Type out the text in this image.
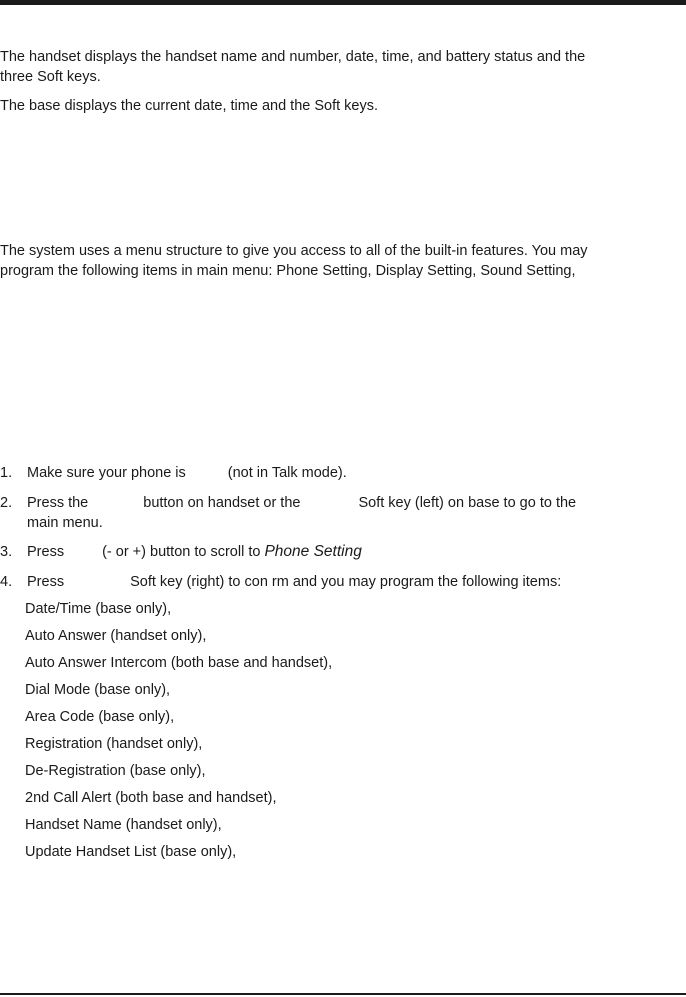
The handset displays the handset name and number, date, time, and battery status and the three Soft keys.

The base displays the current date, time and the Soft keys.

The system uses a menu structure to give you access to all of the built-in features. You may program the following items in main menu: Phone Setting, Display Setting, Sound Setting,

1. Make sure your phone is	(not in Talk mode).
2. Press the	button on handset or the	Soft key (left) on base to go to the
main menu.
3. Press	(- or +) button to scroll to Phone Setting
4. Press	Soft key (right) to con rm and you may program the following items:
Date/Time (base only),
Auto Answer (handset only),
Auto Answer Intercom (both base and handset),
Dial Mode (base only),
Area Code (base only),
Registration (handset only),
De-Registration (base only),
2nd Call Alert (both base and handset),
Handset Name (handset only),
Update Handset List (base only),
